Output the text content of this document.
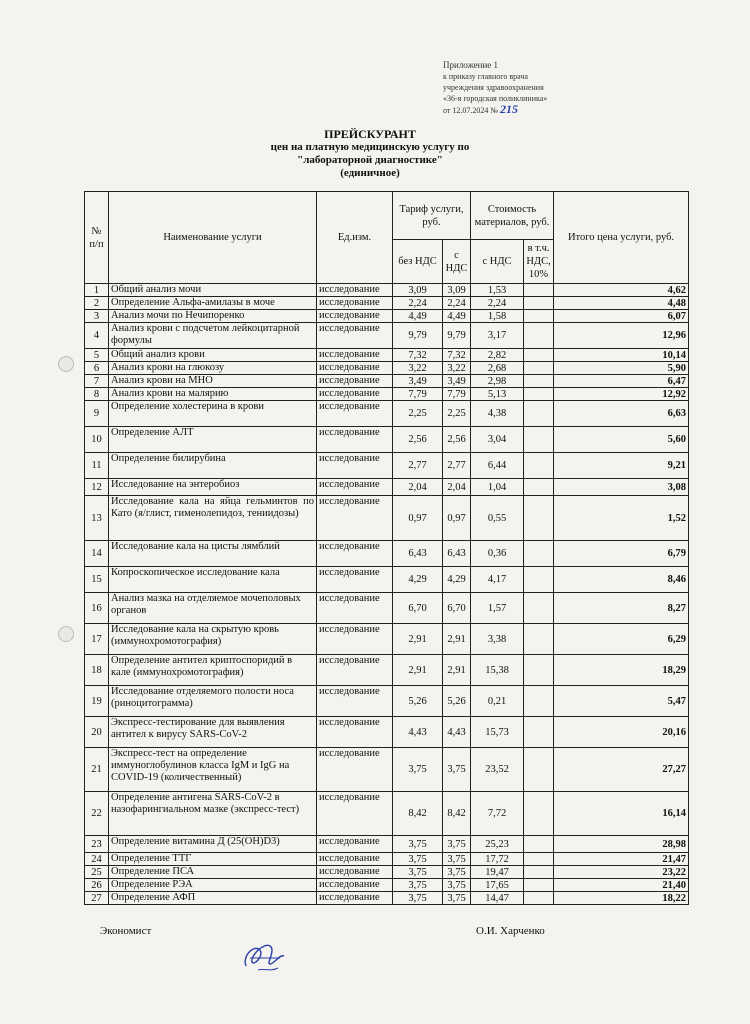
Приложение 1
к приказу главного врача
учреждения здравоохранения
«36-я городская поликлиника»
от 12.07.2024 № 215
ПРЕЙСКУРАНТ
цен на платную медицинскую услугу по
"лабораторной диагностике"
(единичное)
№ п/п	Наименование услуги	Ед.изм.	Тариф услуги, руб.		Стоимость материалов, руб.		Итого цена услуги, руб.
			без НДС	с НДС	с НДС	в т.ч. НДС, 10%	
1	Общий анализ мочи	исследование	3,09	3,09	1,53		4,62
2	Определение Альфа-амилазы в моче	исследование	2,24	2,24	2,24		4,48
3	Анализ мочи по Нечипоренко	исследование	4,49	4,49	1,58		6,07
4	Анализ крови с подсчетом лейкоцитарной формулы	исследование	9,79	9,79	3,17		12,96
5	Общий анализ крови	исследование	7,32	7,32	2,82		10,14
6	Анализ крови на глюкозу	исследование	3,22	3,22	2,68		5,90
7	Анализ крови на МНО	исследование	3,49	3,49	2,98		6,47
8	Анализ крови на малярию	исследование	7,79	7,79	5,13		12,92
9	Определение холестерина в крови	исследование	2,25	2,25	4,38		6,63
10	Определение АЛТ	исследование	2,56	2,56	3,04		5,60
11	Определение билирубина	исследование	2,77	2,77	6,44		9,21
12	Исследование на энтеробиоз	исследование	2,04	2,04	1,04		3,08
13	Исследование кала на яйца гельминтов по Като (я/глист, гименолепидоз, тениидозы)	исследование	0,97	0,97	0,55		1,52
14	Исследование кала на цисты лямблий	исследование	6,43	6,43	0,36		6,79
15	Копроскопическое исследование кала	исследование	4,29	4,29	4,17		8,46
16	Анализ мазка на отделяемое мочеполовых органов	исследование	6,70	6,70	1,57		8,27
17	Исследование кала на скрытую кровь (иммунохромотография)	исследование	2,91	2,91	3,38		6,29
18	Определение антител криптоспоридий в кале (иммунохромотография)	исследование	2,91	2,91	15,38		18,29
19	Исследование отделяемого полости носа (риноцитограмма)	исследование	5,26	5,26	0,21		5,47
20	Экспресс-тестирование для выявления антител к вирусу SARS-CoV-2	исследование	4,43	4,43	15,73		20,16
21	Экспресс-тест на определение иммуноглобулинов класса IgM и IgG на COVID-19 (количественный)	исследование	3,75	3,75	23,52		27,27
22	Определение антигена SARS-CoV-2 в назофарингиальном мазке (экспресс-тест)	исследование	8,42	8,42	7,72		16,14
23	Определение витамина Д (25(OH)D3)	исследование	3,75	3,75	25,23		28,98
24	Определение ТТГ	исследование	3,75	3,75	17,72		21,47
25	Определение ПСА	исследование	3,75	3,75	19,47		23,22
26	Определение РЭА	исследование	3,75	3,75	17,65		21,40
27	Определение АФП	исследование	3,75	3,75	14,47		18,22
Экономист	О.И. Харченко
